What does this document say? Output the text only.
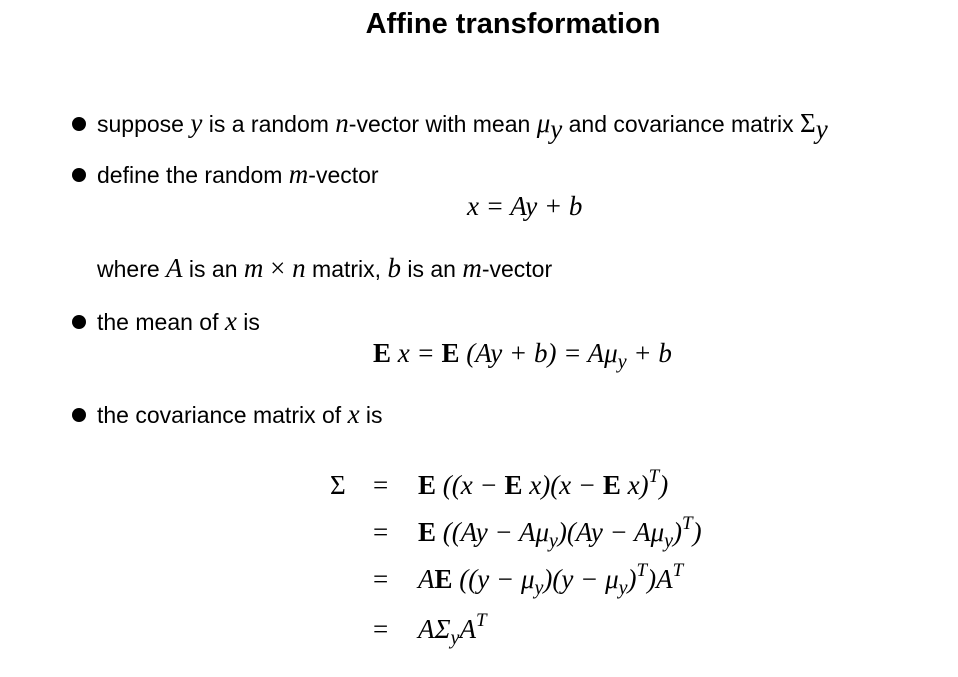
Affine transformation
suppose y is a random n-vector with mean $\mu_y$ and covariance matrix $\Sigma_y$
define the random m-vector
x = Ay + b
where A is an m × n matrix, b is an m-vector
the mean of x is
E x = E $(Ay + b) = A\mu_y + b$
the covariance matrix of x is
Σ = E ((x − E x)(x − E x)$^T$)
= E $((Ay - A\mu_y)(Ay - A\mu_y)^T)$
= AE $((y - \mu_y)(y - \mu_y)^T)A^T$
= $A\Sigma_yA^T$
